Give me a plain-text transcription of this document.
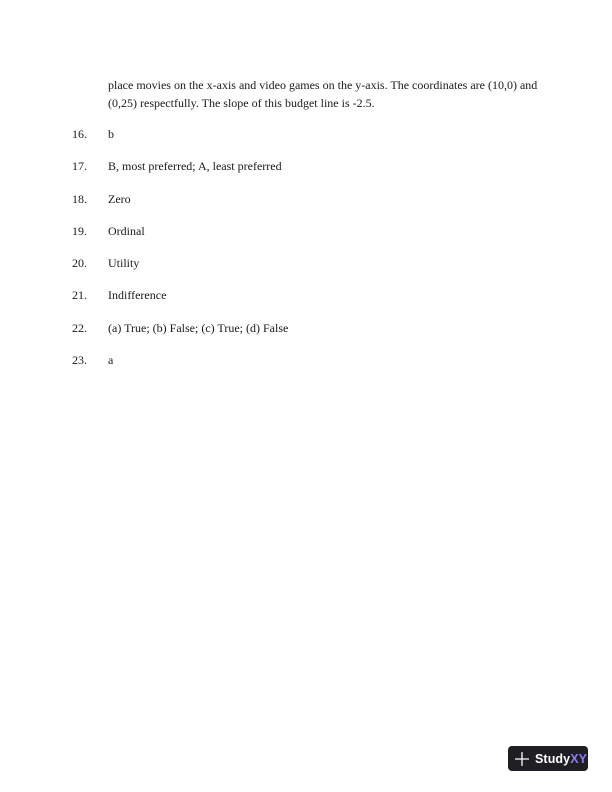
place movies on the x-axis and video games on the y-axis. The coordinates are (10,0) and (0,25) respectfully. The slope of this budget line is -2.5.

16.	b
17.	B, most preferred; A, least preferred
18.	Zero
19.	Ordinal
20.	Utility
21.	Indifference
22.	(a) True; (b) False; (c) True; (d) False
23.	a
StudyXY
